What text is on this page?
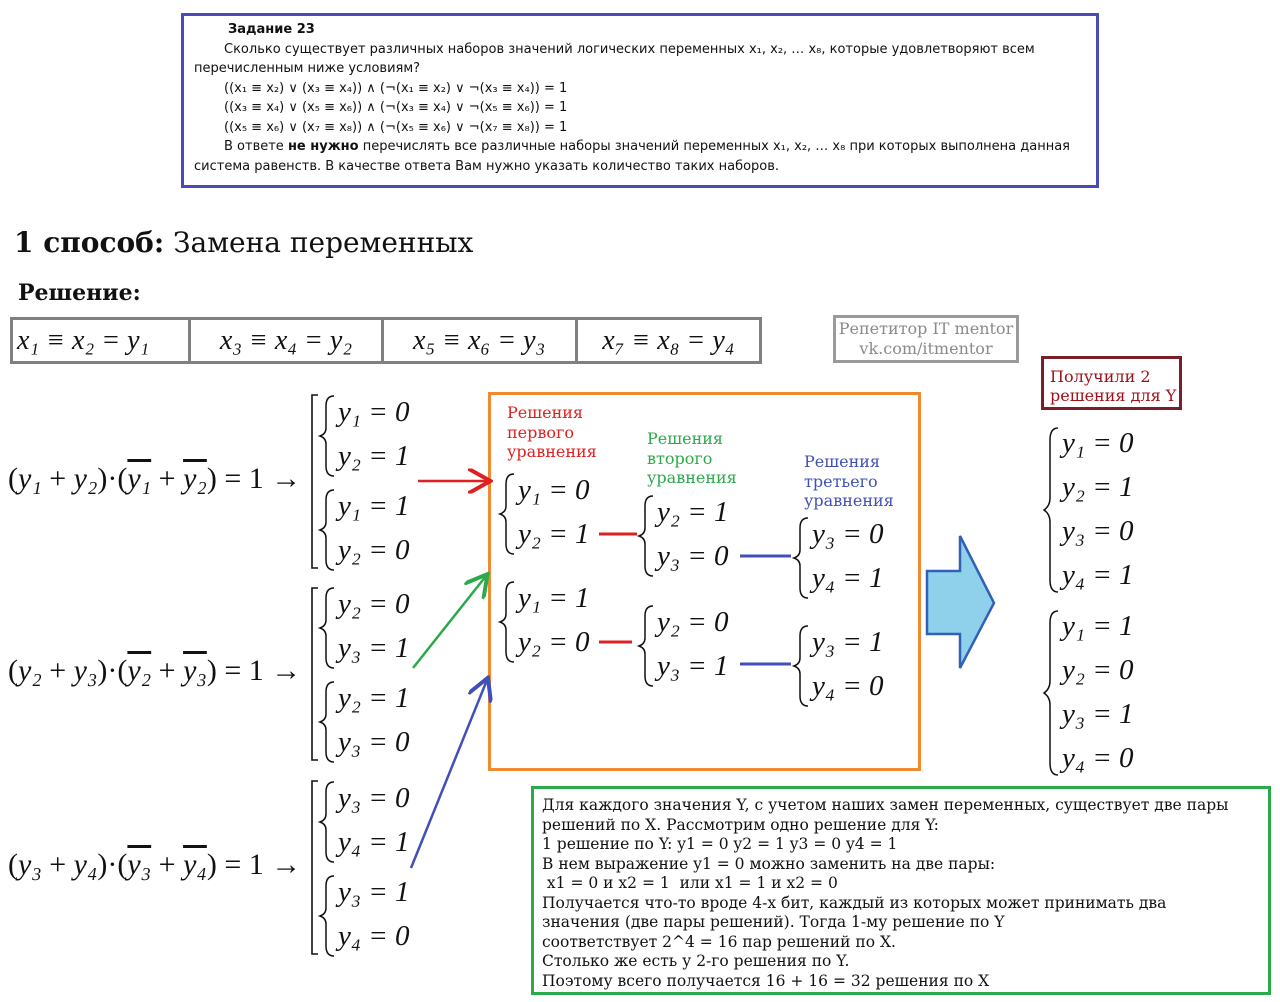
Задание 23
Сколько существует различных наборов значений логических переменных x₁, x₂, … x₈, которые удовлетворяют всем перечисленным ниже условиям?
((x₁ ≡ x₂) ∨ (x₃ ≡ x₄)) ∧ (¬(x₁ ≡ x₂) ∨ ¬(x₃ ≡ x₄)) = 1
((x₃ ≡ x₄) ∨ (x₅ ≡ x₆)) ∧ (¬(x₃ ≡ x₄) ∨ ¬(x₅ ≡ x₆)) = 1
((x₅ ≡ x₆) ∨ (x₇ ≡ x₈)) ∧ (¬(x₅ ≡ x₆) ∨ ¬(x₇ ≡ x₈)) = 1
В ответе не нужно перечислять все различные наборы значений переменных x₁, x₂, … x₈ при которых выполнена данная система равенств. В качестве ответа Вам нужно указать количество таких наборов.
1 способ: Замена переменных
Решение:
x₁ ≡ x₂ = y₁	x₃ ≡ x₄ = y₂	x₅ ≡ x₆ = y₃	x₇ ≡ x₈ = y₄	Репетитор IT mentor
vk.com/itmentor
(y₁ + y₂)·(y₁ + y₂) = 1 →
(y₂ + y₃)·(y₂ + y₃) = 1 →
(y₃ + y₄)·(y₃ + y₄) = 1 →
y₁ = 0
y₂ = 1
y₁ = 1
y₂ = 0
y₂ = 0
y₃ = 1
y₂ = 1
y₃ = 0
y₃ = 0
y₄ = 1
y₃ = 1
y₄ = 0
Решения первого уравнения
Решения второго уравнения
Решения третьего уравнения
y₁ = 0
y₂ = 1
y₁ = 1
y₂ = 0
y₂ = 1
y₃ = 0
y₂ = 0
y₃ = 1
y₃ = 0
y₄ = 1
y₃ = 1
y₄ = 0
Получили 2 решения для Y
y₁ = 0
y₂ = 1
y₃ = 0
y₄ = 1
y₁ = 1
y₂ = 0
y₃ = 1
y₄ = 0
Для каждого значения Y, с учетом наших замен переменных, существует две пары
решений по X. Рассмотрим одно решение для Y:
1 решение по Y: y1 = 0 y2 = 1 y3 = 0 y4 = 1
В нем выражение y1 = 0 можно заменить на две пары:
x1 = 0 и x2 = 1  или x1 = 1 и x2 = 0
Получается что-то вроде 4-х бит, каждый из которых может принимать два
значения (две пары решений). Тогда 1-му решение по Y
соответствует 2^4 = 16 пар решений по X.
Столько же есть у 2-го решения по Y.
Поэтому всего получается 16 + 16 = 32 решения по X
